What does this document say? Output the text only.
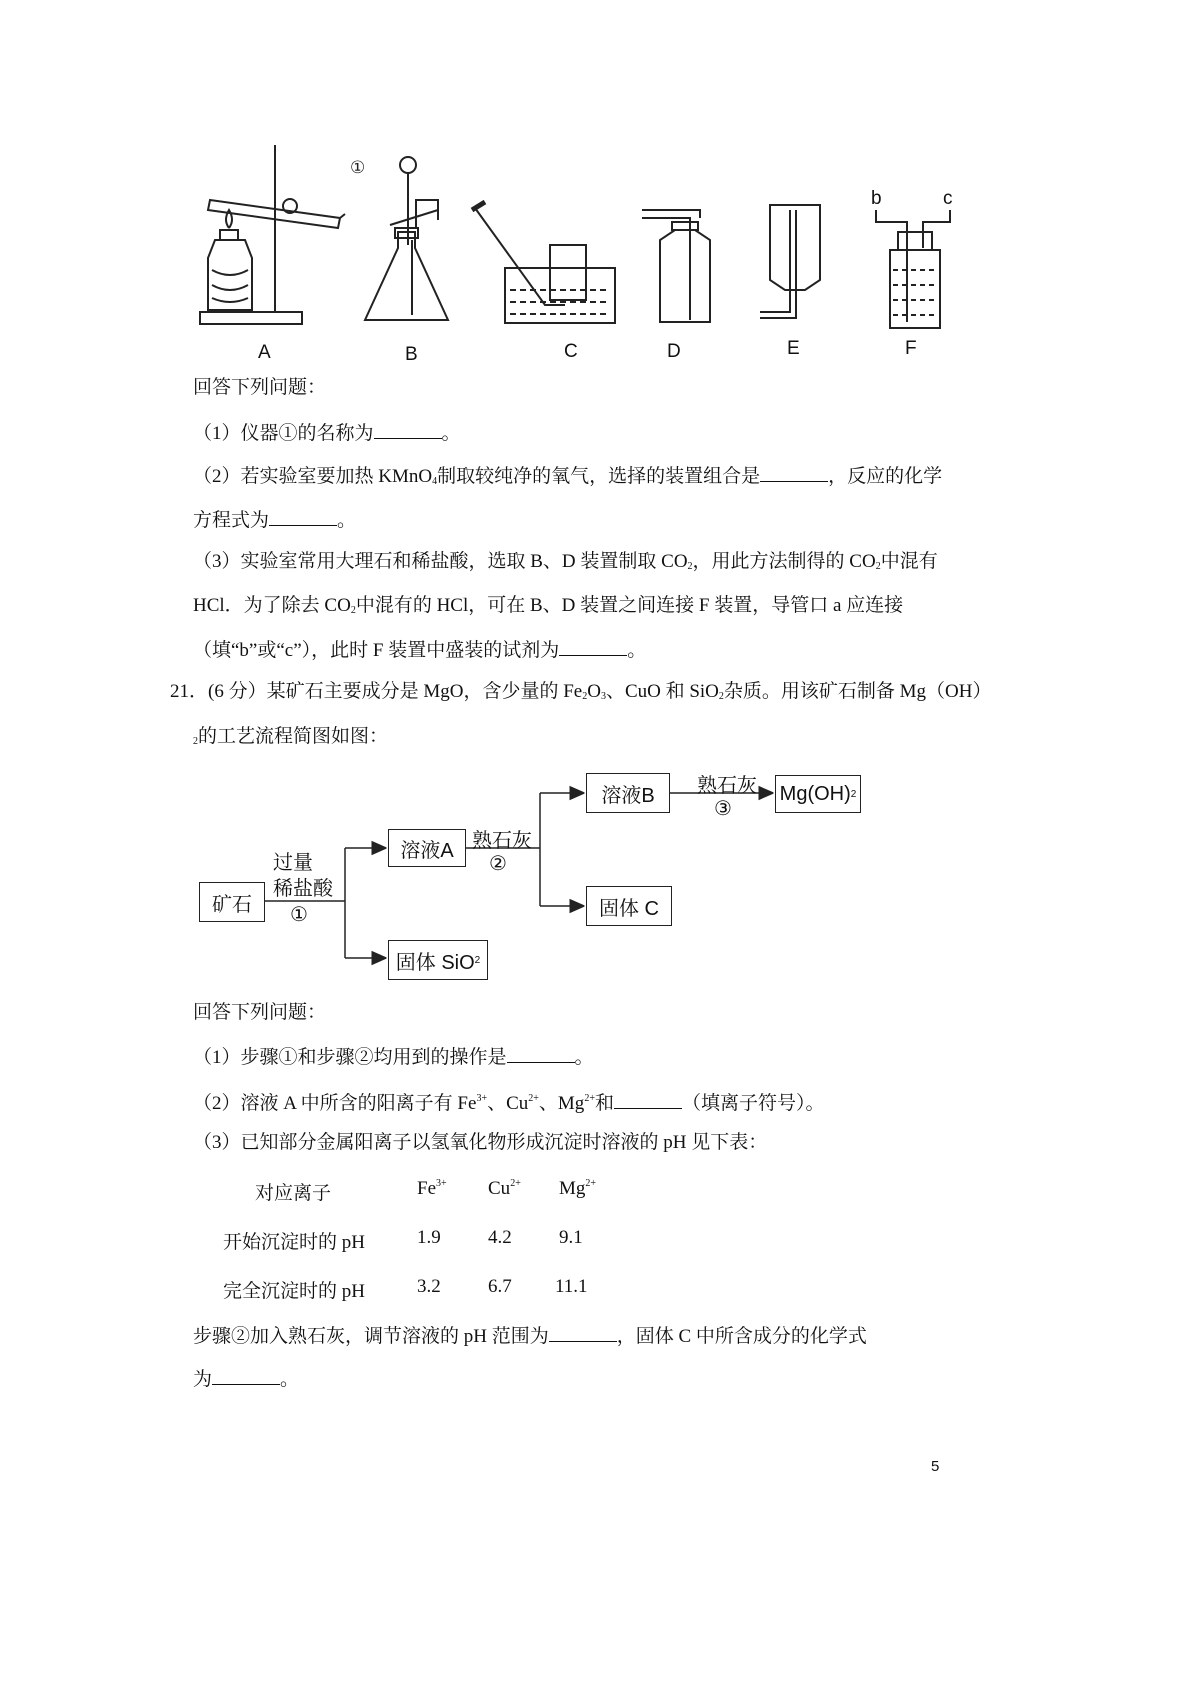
①
A	B	C	D	E	F
b	c
回答下列问题：
（1）仪器①的名称为	。
（2）若实验室要加热 KMnO$_4$制取较纯净的氧气，选择的装置组合是	，反应的化学
方程式为	。
（3）实验室常用大理石和稀盐酸，选取 B、D 装置制取 $CO_2$，用此方法制得的 $CO_2$中混有
HCl．为了除去 $CO_2$中混有的 HCl，可在 B、D 装置之间连接 F 装置，导管口 a 应连接
（填“b”或“c”），此时 F 装置中盛装的试剂为	。
21．(6 分）某矿石主要成分是 MgO，含少量的 $Fe_2O_3$、CuO 和 SiO$_2$杂质。用该矿石制备 Mg（OH）
$_2$的工艺流程简图如图：
矿石
过量
稀盐酸
①
溶液A 熟石灰
②
溶液B	熟石灰
③
Mg(OH) 2
固体 C
固体 SiO 2
回答下列问题：
（1）步骤①和步骤②均用到的操作是	。
（2）溶液 A 中所含的阳离子有 $Fe^{3+}$、$Cu^{2+}$、$Mg^{2+}$和	（填离子符号）。
（3）已知部分金属阳离子以氢氧化物形成沉淀时溶液的 pH 见下表：
对应离子	$Fe^{3+}$ $Cu^{2+}$ $Mg^{2+}$
开始沉淀时的 pH	1.9 4.2 9.1
完全沉淀时的 pH	3.2 6.7 11.1
步骤②加入熟石灰，调节溶液的 pH 范围为	，固体 C 中所含成分的化学式
为	。
5
